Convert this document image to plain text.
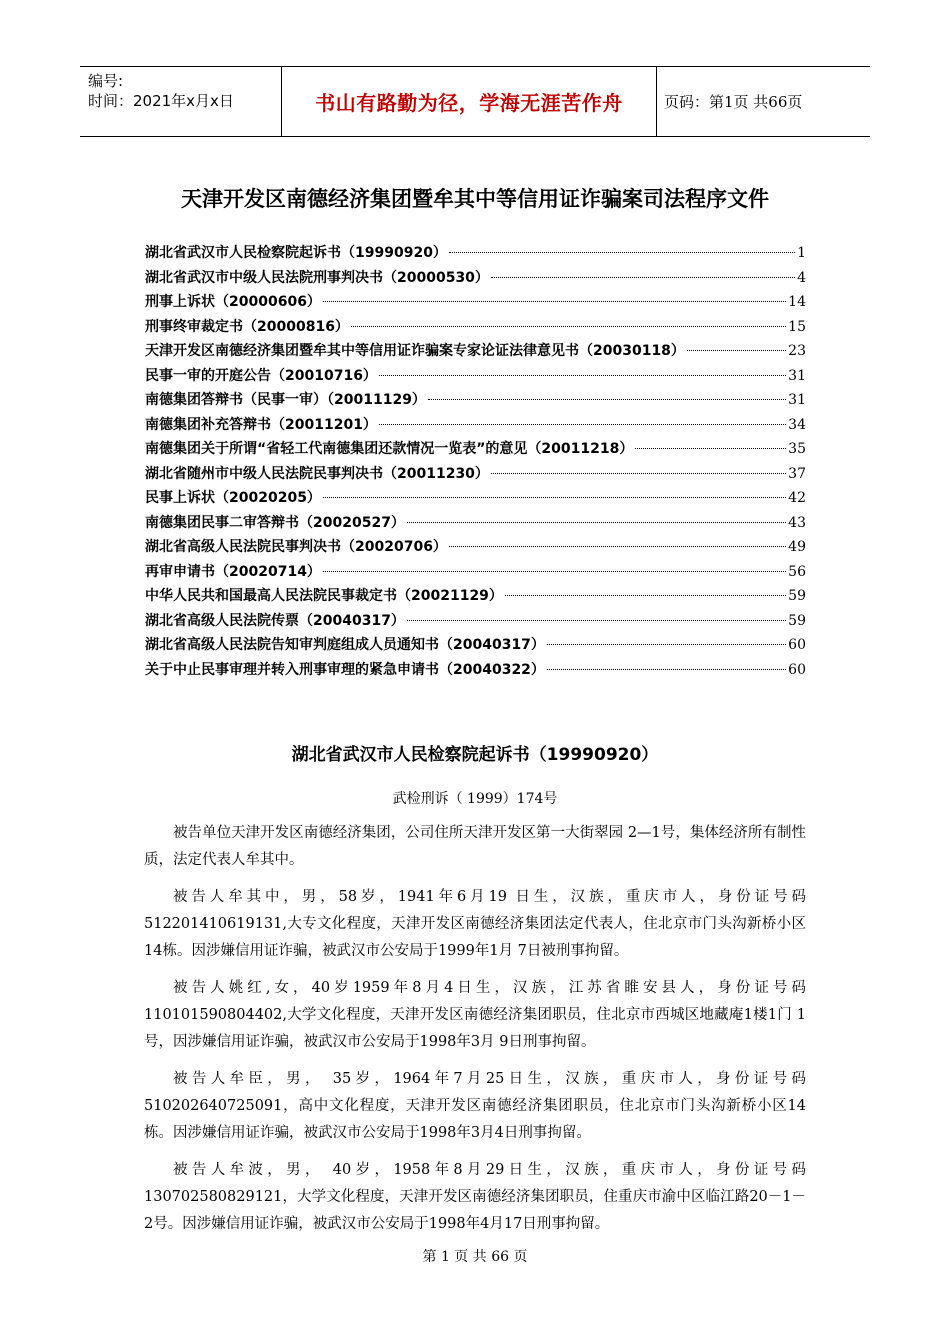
编号:
时间：2021年x月x日	书山有路勤为径，学海无涯苦作舟	页码：第1页 共66页
天津开发区南德经济集团暨牟其中等信用证诈骗案司法程序文件
湖北省武汉市人民检察院起诉书（19990920）	1
湖北省武汉市中级人民法院刑事判决书（20000530）	4
刑事上诉状（20000606）	14
刑事终审裁定书（20000816）	15
天津开发区南德经济集团暨牟其中等信用证诈骗案专家论证法律意见书（20030118）	23
民事一审的开庭公告（20010716）	31
南德集团答辩书（民事一审）（20011129）	31
南德集团补充答辩书（20011201）	34
南德集团关于所谓“省轻工代南德集团还款情况一览表”的意见（20011218）	35
湖北省随州市中级人民法院民事判决书（20011230）	37
民事上诉状（20020205）	42
南德集团民事二审答辩书（20020527）	43
湖北省高级人民法院民事判决书（20020706）	49
再审申请书（20020714）	56
中华人民共和国最高人民法院民事裁定书（20021129）	59
湖北省高级人民法院传票（20040317）	59
湖北省高级人民法院告知审判庭组成人员通知书（20040317）	60
关于中止民事审理并转入刑事审理的紧急申请书（20040322）	60
湖北省武汉市人民检察院起诉书（19990920）
武检刑诉（ 1999）174号

被告单位天津开发区南德经济集团，公司住所天津开发区第一大街翠园 2—1号，集体经济所有制性质，法定代表人牟其中。

被告人牟其中，男，58岁，1941年6月19 日生，汉族，重庆市人，身份证号码512201410619131,大专文化程度，天津开发区南德经济集团法定代表人，住北京市门头沟新桥小区14栋。因涉嫌信用证诈骗，被武汉市公安局于1999年1月 7日被刑事拘留。

被告人姚红,女，40岁1959年8月4日生，汉族，江苏省睢安县人，身份证号码110101590804402,大学文化程度，天津开发区南德经济集团职员，住北京市西城区地藏庵1楼1门 1号，因涉嫌信用证诈骗，被武汉市公安局于1998年3月 9日刑事拘留。

被告人牟臣，男， 35岁，1964年7月25日生，汉族，重庆市人，身份证号码510202640725091，高中文化程度，天津开发区南德经济集团职员，住北京市门头沟新桥小区14栋。因涉嫌信用证诈骗，被武汉市公安局于1998年3月4日刑事拘留。

被告人牟波，男， 40岁，1958年8月29日生，汉族，重庆市人，身份证号码130702580829121，大学文化程度，天津开发区南德经济集团职员，住重庆市渝中区临江路20－1－2号。因涉嫌信用证诈骗，被武汉市公安局于1998年4月17日刑事拘留。

第 1 页 共 66 页
